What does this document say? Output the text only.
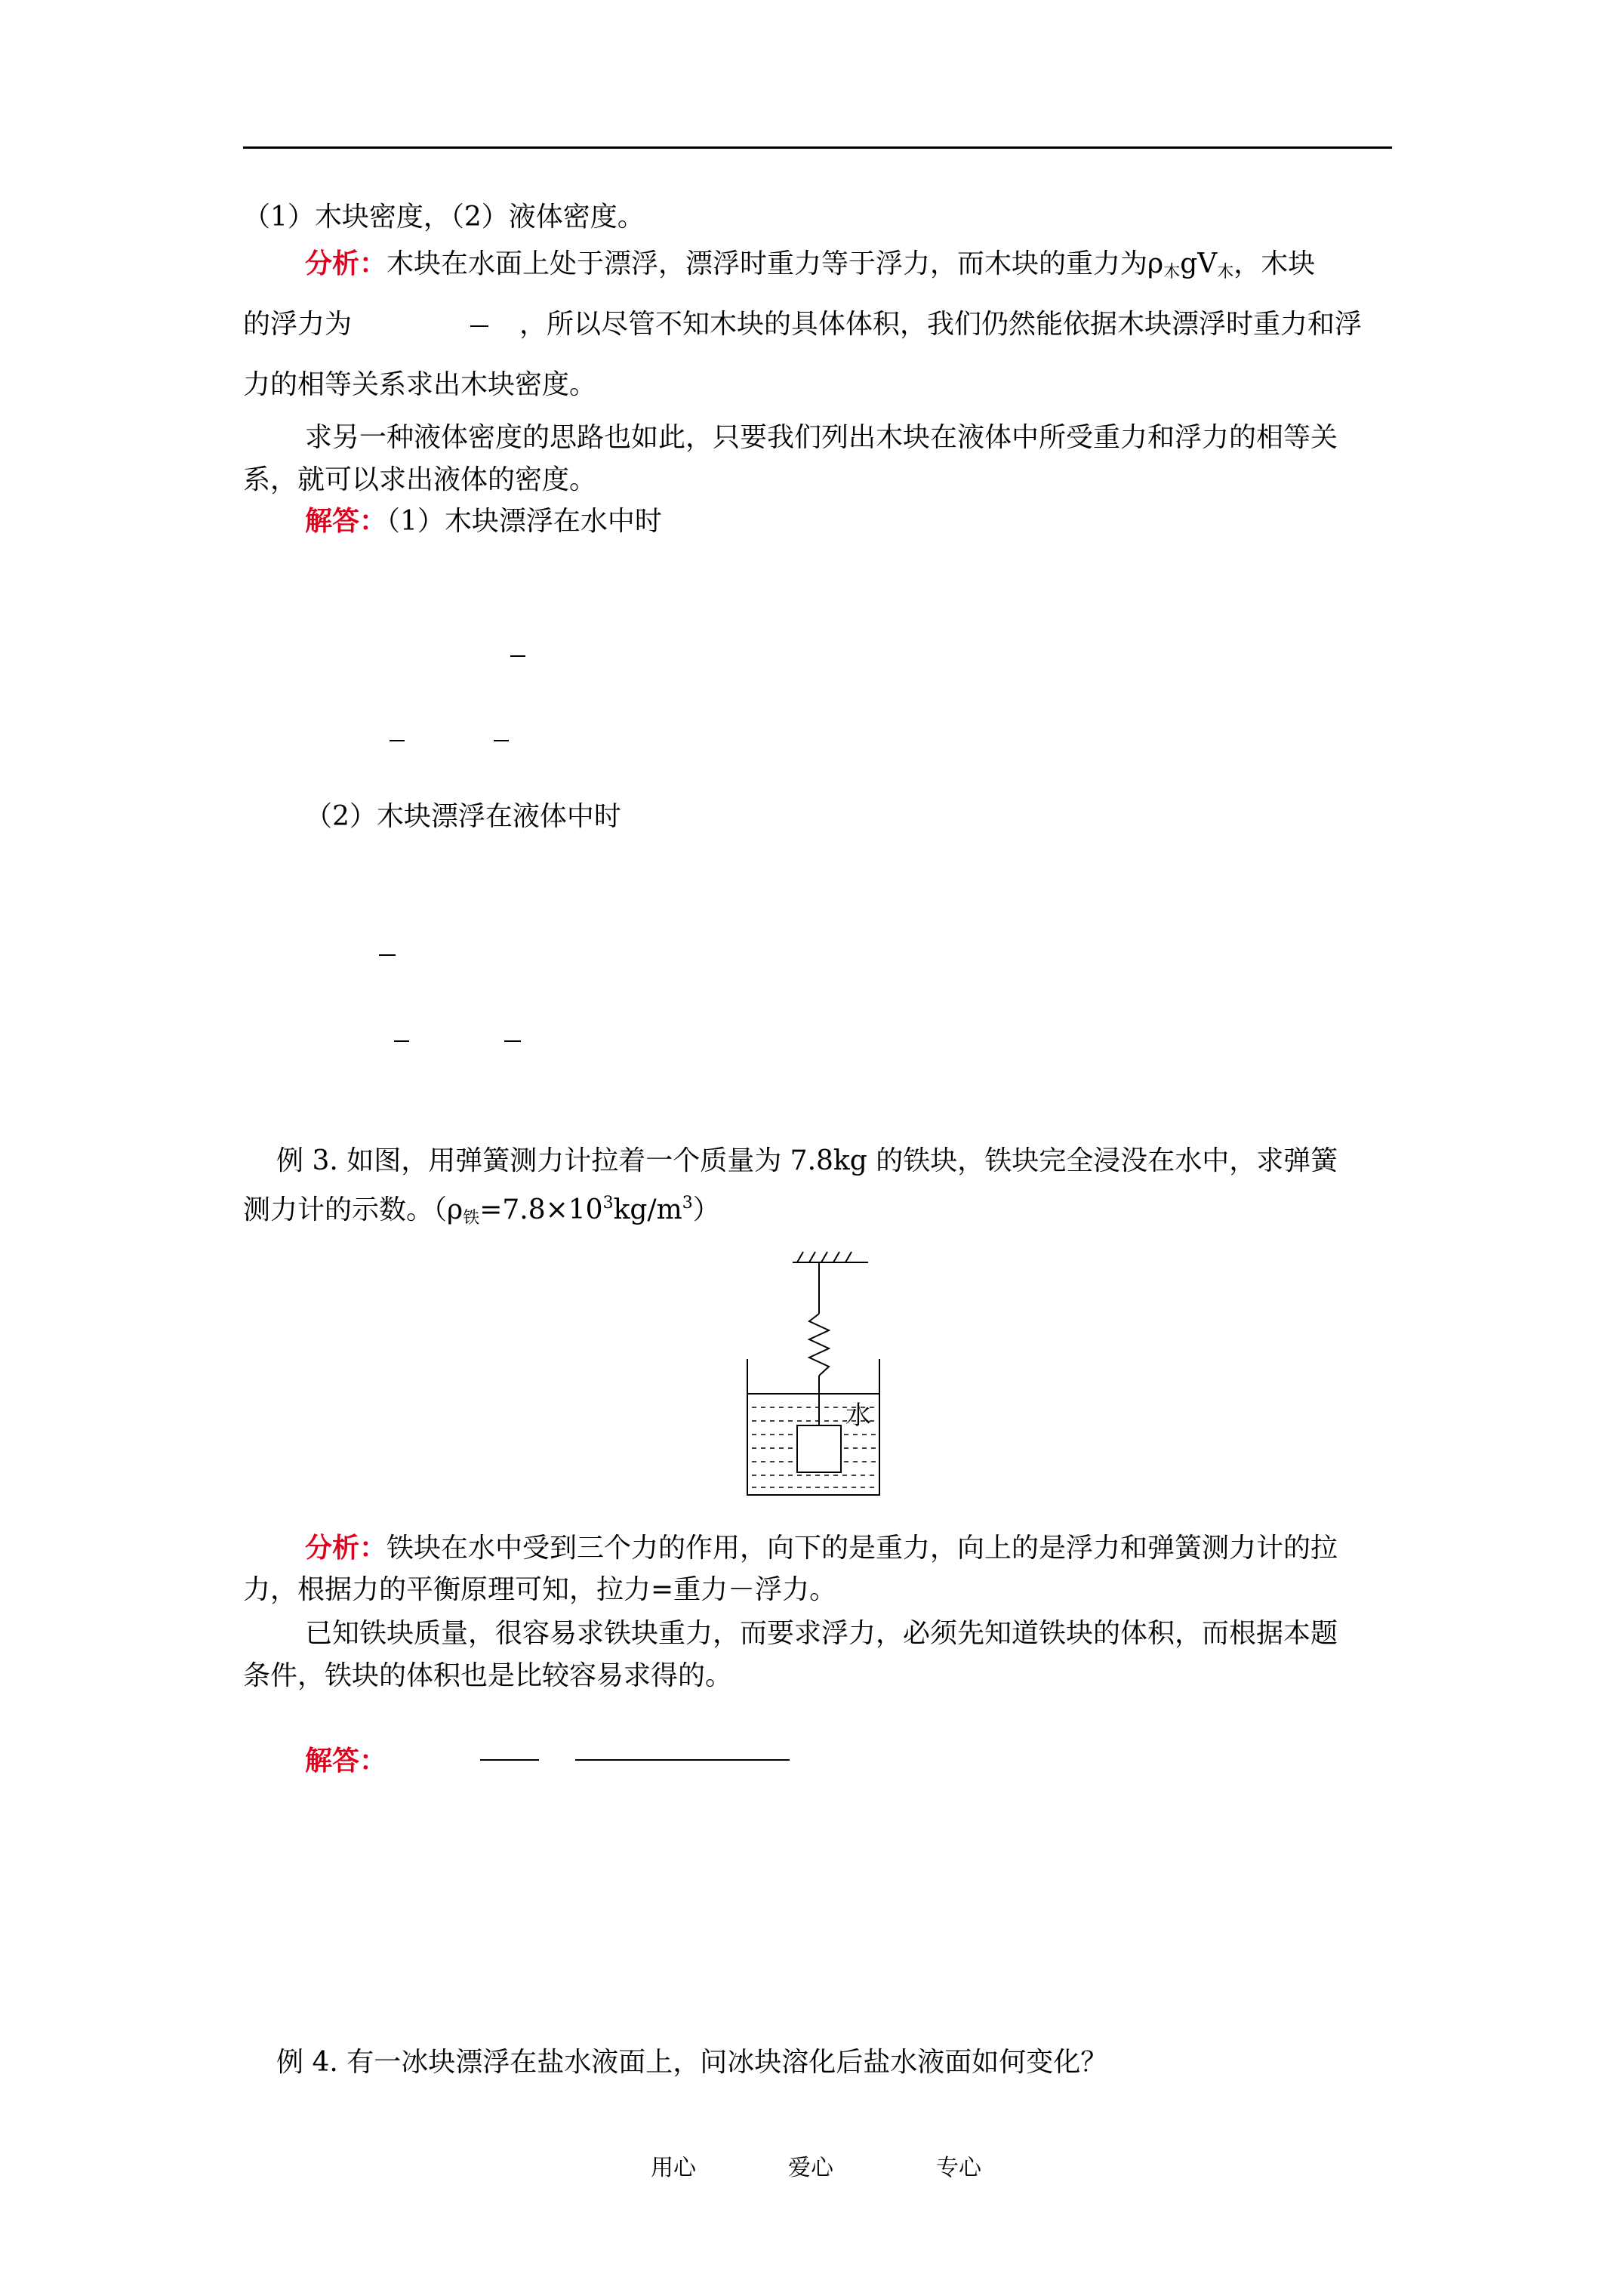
（1）木块密度，（2）液体密度。
分析：木块在水面上处于漂浮，漂浮时重力等于浮力，而木块的重力为$\rho_木gV_木$，木块
的浮力为	，所以尽管不知木块的具体体积，我们仍然能依据木块漂浮时重力和浮
力的相等关系求出木块密度。
求另一种液体密度的思路也如此，只要我们列出木块在液体中所受重力和浮力的相等关
系，就可以求出液体的密度。
解答：（1）木块漂浮在水中时
（2）木块漂浮在液体中时
例 3. 如图，用弹簧测力计拉着一个质量为 7.8kg 的铁块，铁块完全浸没在水中，求弹簧
测力计的示数。$(\rho_铁=7.8\times 10^3kg/m^3)$
水
分析：铁块在水中受到三个力的作用，向下的是重力，向上的是浮力和弹簧测力计的拉
力，根据力的平衡原理可知，拉力=重力－浮力。
已知铁块质量，很容易求铁块重力，而要求浮力，必须先知道铁块的体积，而根据本题
条件，铁块的体积也是比较容易求得的。
解答：
例 4. 有一冰块漂浮在盐水液面上，问冰块溶化后盐水液面如何变化？
用心	爱心	专心
